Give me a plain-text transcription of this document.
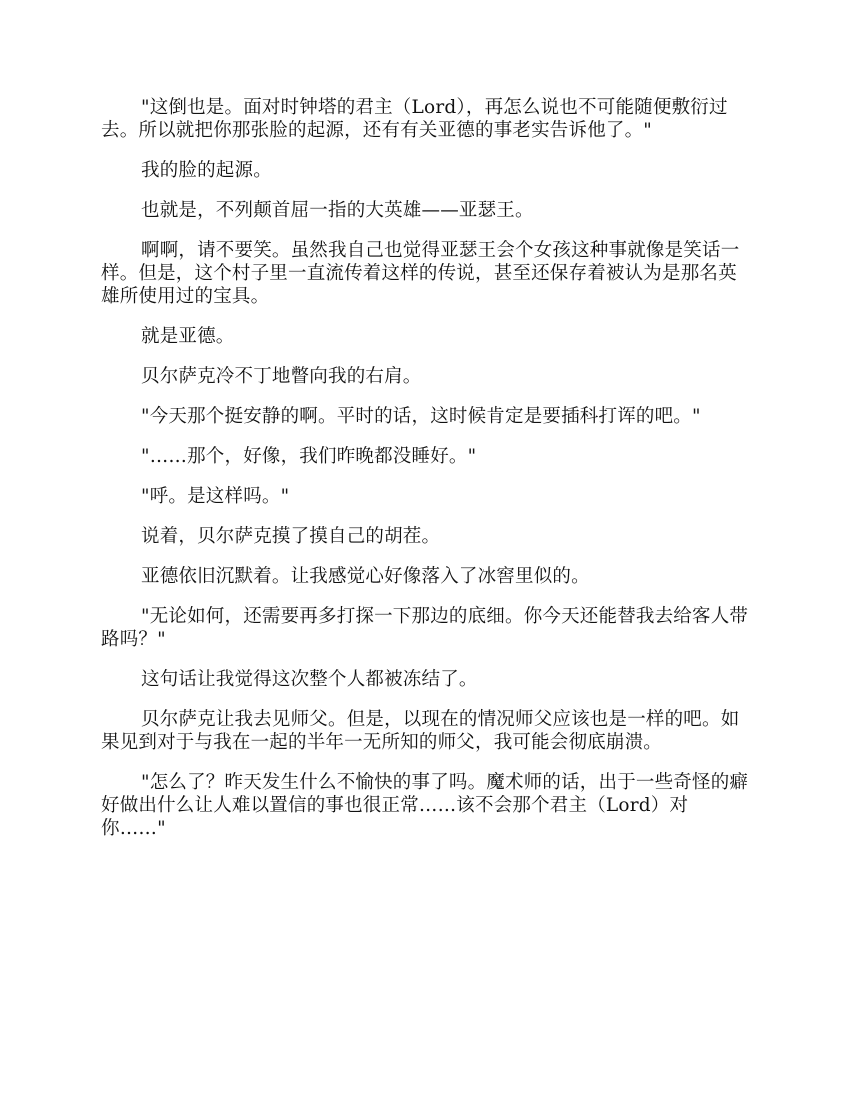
"这倒也是。面对时钟塔的君主（Lord），再怎么说也不可能随便敷衍过去。所以就把你那张脸的起源，还有有关亚德的事老实告诉他了。"

我的脸的起源。

也就是，不列颠首屈一指的大英雄——亚瑟王。

啊啊，请不要笑。虽然我自己也觉得亚瑟王会个女孩这种事就像是笑话一样。但是，这个村子里一直流传着这样的传说，甚至还保存着被认为是那名英雄所使用过的宝具。

就是亚德。

贝尔萨克冷不丁地瞥向我的右肩。

"今天那个挺安静的啊。平时的话，这时候肯定是要插科打诨的吧。"

"……那个，好像，我们昨晚都没睡好。"

"呼。是这样吗。"

说着，贝尔萨克摸了摸自己的胡茬。

亚德依旧沉默着。让我感觉心好像落入了冰窖里似的。

"无论如何，还需要再多打探一下那边的底细。你今天还能替我去给客人带路吗？"

这句话让我觉得这次整个人都被冻结了。

贝尔萨克让我去见师父。但是，以现在的情况师父应该也是一样的吧。如果见到对于与我在一起的半年一无所知的师父，我可能会彻底崩溃。

"怎么了？昨天发生什么不愉快的事了吗。魔术师的话，出于一些奇怪的癖好做出什么让人难以置信的事也很正常……该不会那个君主（Lord）对你……"
